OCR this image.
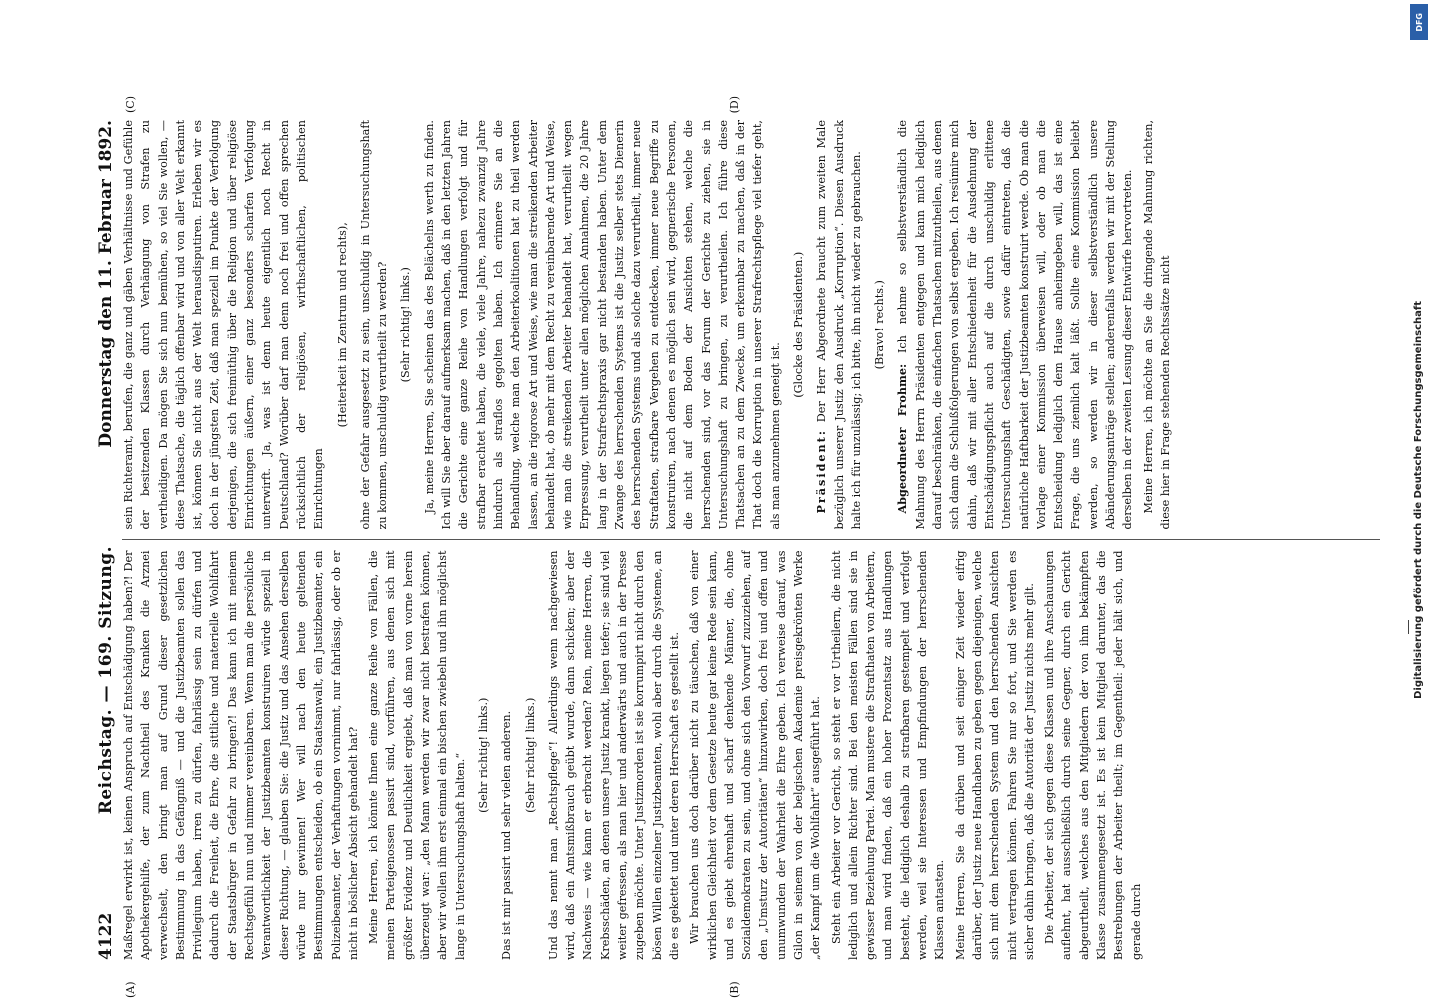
DFG
Digitalisierung gefördert durch die Deutsche Forschungsgemeinschaft
4122
Reichstag. — 169. Sitzung.
Donnerstag den 11. Februar 1892.
(A)	(B)
(C)	(D)

Maßregel erwirkt ist, keinen Anspruch auf Entschädigung haben?! Der Apothekergehilfe, der zum Nachtheil des Kranken die Arznei verwechselt, den bringt man auf Grund dieser gesetzlichen Bestimmung in das Gefängniß — und die Justizbeamten sollen das Privilegium haben, irren zu dürfen, fahrlässig sein zu dürfen und dadurch die Freiheit, die Ehre, die sittliche und materielle Wohlfahrt der Staatsbürger in Gefahr zu bringen?! Das kann ich mit meinem Rechtsgefühl nun und nimmer vereinbaren. Wenn man die persönliche Verantwortlichkeit der Justizbeamten konstruiren würde speziell in dieser Richtung, — glauben Sie: die Justiz und das Ansehen derselben würde nur gewinnen! Wer will nach den heute geltenden Bestimmungen entscheiden, ob ein Staatsanwalt, ein Justizbeamter, ein Polizeibeamter, der Verhaftungen vornimmt, nur fahrlässig, oder ob er nicht in böslicher Absicht gehandelt hat? Meine Herren, ich könnte Ihnen eine ganze Reihe von Fällen, die meinen Parteigenossen passirt sind, vorführen, aus denen sich mit größter Evidenz und Deutlichkeit ergiebt, daß man von vorne herein überzeugt war: „den Mann werden wir zwar nicht bestrafen können, aber wir wollen ihm erst einmal ein bischen zwiebeln und ihn möglichst lange in Untersuchungshaft halten.“ (Sehr richtig! links.) Das ist mir passirt und sehr vielen anderen. (Sehr richtig! links.) Und das nennt man „Rechtspflege“! Allerdings wenn nachgewiesen wird, daß ein Amtsmißbrauch geübt wurde, dann schicken; aber der Nachweis — wie kann er erbracht werden? Rein, meine Herren, die Krebsschäden, an denen unsere Justiz krankt, liegen tiefer; sie sind viel weiter gefressen, als man hier und anderwärts und auch in der Presse zugeben möchte. Unter Justizmorden ist sie korrumpirt nicht durch den bösen Willen einzelner Justizbeamten, wohl aber durch die Systeme, an die es gekettet und unter deren Herrschaft es gestellt ist. Wir brauchen uns doch darüber nicht zu täuschen, daß von einer wirklichen Gleichheit vor dem Gesetze heute gar keine Rede sein kann, und es giebt ehrenhaft und scharf denkende Männer, die, ohne Sozialdemokraten zu sein, und ohne sich den Vorwurf zuzuziehen, auf den „Umsturz der Autoritäten“ hinzuwirken, doch frei und offen und unumwunden der Wahrheit die Ehre geben. Ich verweise darauf, was Gilon in seinem von der belgischen Akademie preisgekrönten Werke „der Kampf um die Wohlfahrt“ ausgeführt hat. Steht ein Arbeiter vor Gericht, so steht er vor Urtheilern, die nicht lediglich und allein Richter sind. Bei den meisten Fällen sind sie in gewisser Beziehung Partei. Man mustere die Strafthaten von Arbeitern, und man wird finden, daß ein hoher Prozentsatz aus Handlungen besteht, die lediglich deshalb zu strafbaren gestempelt und verfolgt werden, weil sie Interessen und Empfindungen der herrschenden Klassen antasten. Meine Herren, Sie da drüben und seit einiger Zeit wieder eifrig darüber, der Justiz neue Handhaben zu geben gegen diejenigen, welche sich mit dem herrschenden System und den herrschenden Ansichten nicht vertragen können. Fahren Sie nur so fort, und Sie werden es sicher dahin bringen, daß die Autorität der Justiz nichts mehr gilt. Die Arbeiter, der sich gegen diese Klassen und ihre Anschauungen auflehnt, hat ausschließlich durch seine Gegner, durch ein Gericht abgeurtheilt, welches aus den Mitgliedern der von ihm bekämpften Klasse zusammengesetzt ist. Es ist kein Mitglied darunter, das die Bestrebungen der Arbeiter theilt; im Gegentheil: jeder hält sich, und gerade durch

sein Richteramt, berufen, die ganz und gäben Verhältnisse und Gefühle der besitzenden Klassen durch Verhängung von Strafen zu vertheidigen. Da mögen Sie sich nun bemühen, so viel Sie wollen, — diese Thatsache, die täglich offenbar wird und von aller Welt erkannt ist, können Sie nicht aus der Welt herausdisputiren. Erleben wir es doch in der jüngsten Zeit, daß man speziell im Punkte der Verfolgung derjenigen, die sich freimüthig über die Religion und über religiöse Einrichtungen äußern, einer ganz besonders scharfen Verfolgung unterwirft. Ja, was ist denn heute eigentlich noch Recht in Deutschland? Worüber darf man denn noch frei und offen sprechen rücksichtlich der religiösen, wirthschaftlichen, politischen Einrichtungen

(Heiterkeit im Zentrum und rechts), ohne der Gefahr ausgesetzt zu sein, unschuldig in Untersuchungshaft zu kommen, unschuldig verurtheilt zu werden? (Sehr richtig! links.) Ja, meine Herren, Sie scheinen das des Belächelns werth zu finden. Ich will Sie aber darauf aufmerksam machen, daß in den letzten Jahren die Gerichte eine ganze Reihe von Handlungen verfolgt und für strafbar erachtet haben, die viele, viele Jahre, nahezu zwanzig Jahre hindurch als straflos gegolten haben. Ich erinnere Sie an die Behandlung, welche man den Arbeiterkoalitionen hat zu theil werden lassen, an die rigorose Art und Weise, wie man die streikenden Arbeiter behandelt hat, ob mehr mit dem Recht zu vereinbarende Art und Weise, wie man die streikenden Arbeiter behandelt hat, verurtheilt wegen Erpressung, verurtheilt unter allen möglichen Annahmen, die 20 Jahre lang in der Strafrechtspraxis gar nicht bestanden haben. Unter dem Zwange des herrschenden Systems ist die Justiz selber stets Dienerin des herrschenden Systems und als solche dazu verurtheilt, immer neue Straftaten, strafbare Vergehen zu entdecken, immer neue Begriffe zu konstruiren, nach denen es möglich sein wird, gegnerische Personen, die nicht auf dem Boden der Ansichten stehen, welche die herrschenden sind, vor das Forum der Gerichte zu ziehen, sie in Untersuchungshaft zu bringen, zu verurtheilen. Ich führe diese Thatsachen an zu dem Zwecke, um erkennbar zu machen, daß in der That doch die Korruption in unserer Strafrechtspflege viel tiefer geht, als man anzunehmen geneigt ist.

(Glocke des Präsidenten.)

Präsident: Der Herr Abgeordnete braucht zum zweiten Male bezüglich unserer Justiz den Ausdruck „Korruption“. Diesen Ausdruck halte ich für unzulässig; ich bitte, ihn nicht wieder zu gebrauchen. (Bravo! rechts.)

Abgeordneter Frohme: Ich nehme so selbstverständlich die Mahnung des Herrn Präsidenten entgegen und kann mich lediglich darauf beschränken, die einfachen Thatsachen mitzutheilen, aus denen sich dann die Schlußfolgerungen von selbst ergeben. Ich resümire mich dahin, daß wir mit aller Entschiedenheit für die Ausdehnung der Entschädigungspflicht auch auf die durch unschuldig erlittene Untersuchungshaft Geschädigten, sowie dafür eintreten, daß die natürliche Haftbarkeit der Justizbeamten konstruirt werde. Ob man die Vorlage einer Kommission überweisen will, oder ob man die Entscheidung lediglich dem Hause anheimgeben will, das ist eine Frage, die uns ziemlich kalt läßt. Sollte eine Kommission beliebt werden, so werden wir in dieser selbstverständlich unsere Abänderungsanträge stellen; anderenfalls werden wir mit der Stellung derselben in der zweiten Lesung dieser Entwürfe hervortreten. Meine Herren, ich möchte an Sie die dringende Mahnung richten, diese hier in Frage stehenden Rechtssätze nicht
